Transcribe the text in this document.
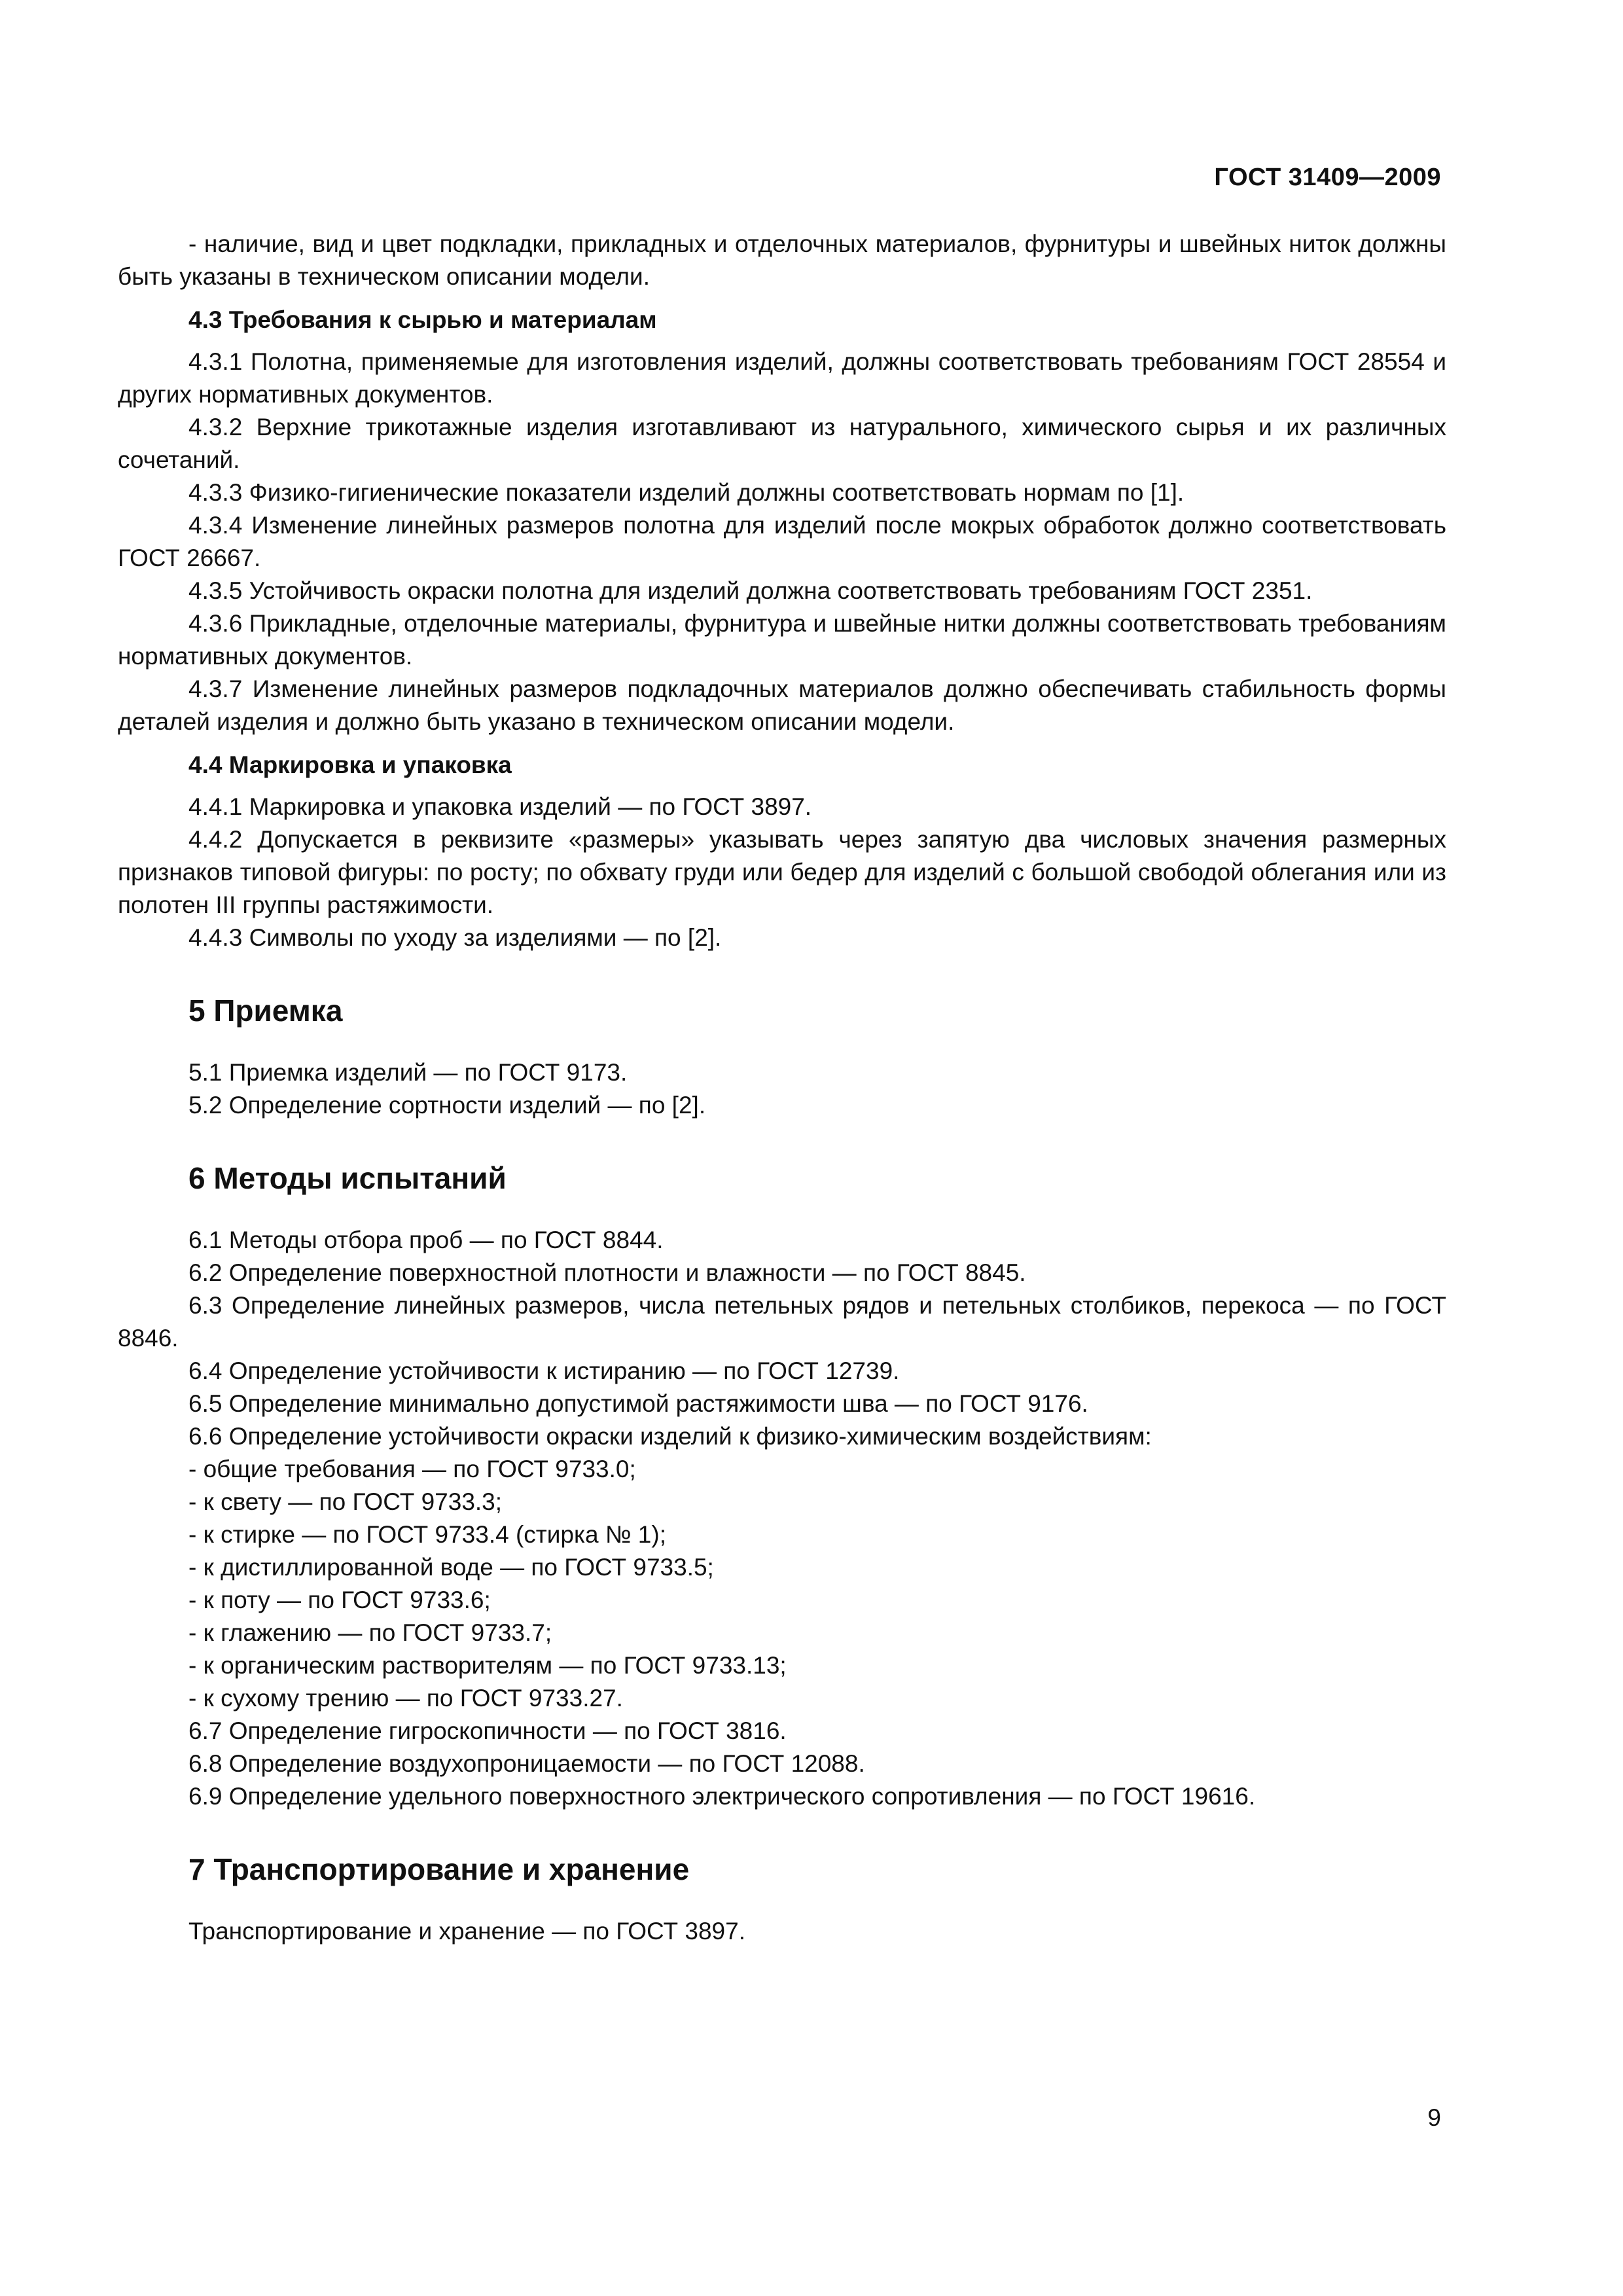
ГОСТ 31409—2009

- наличие, вид и цвет подкладки, прикладных и отделочных материалов, фурнитуры и швейных ниток должны быть указаны в техническом описании модели.

4.3 Требования к сырью и материалам

4.3.1 Полотна, применяемые для изготовления изделий, должны соответствовать требованиям ГОСТ 28554 и других нормативных документов.

4.3.2 Верхние трикотажные изделия изготавливают из натурального, химического сырья и их различных сочетаний.

4.3.3 Физико-гигиенические показатели изделий должны соответствовать нормам по [1].

4.3.4 Изменение линейных размеров полотна для изделий после мокрых обработок должно соответствовать ГОСТ 26667.

4.3.5 Устойчивость окраски полотна для изделий должна соответствовать требованиям ГОСТ 2351.

4.3.6 Прикладные, отделочные материалы, фурнитура и швейные нитки должны соответствовать требованиям нормативных документов.

4.3.7 Изменение линейных размеров подкладочных материалов должно обеспечивать стабильность формы деталей изделия и должно быть указано в техническом описании модели.

4.4 Маркировка и упаковка

4.4.1 Маркировка и упаковка изделий — по ГОСТ 3897.

4.4.2 Допускается в реквизите «размеры» указывать через запятую два числовых значения размерных признаков типовой фигуры: по росту; по обхвату груди или бедер для изделий с большой свободой облегания или из полотен III группы растяжимости.

4.4.3 Символы по уходу за изделиями — по [2].

5 Приемка

5.1 Приемка изделий — по ГОСТ 9173.

5.2 Определение сортности изделий — по [2].

6 Методы испытаний

6.1 Методы отбора проб — по ГОСТ 8844.

6.2 Определение поверхностной плотности и влажности — по ГОСТ 8845.

6.3 Определение линейных размеров, числа петельных рядов и петельных столбиков, перекоса — по ГОСТ 8846.

6.4 Определение устойчивости к истиранию — по ГОСТ 12739.

6.5 Определение минимально допустимой растяжимости шва — по ГОСТ 9176.

6.6 Определение устойчивости окраски изделий к физико-химическим воздействиям:

- общие требования — по ГОСТ 9733.0;

- к свету — по ГОСТ 9733.3;

- к стирке — по ГОСТ 9733.4 (стирка № 1);

- к дистиллированной воде — по ГОСТ 9733.5;

- к поту — по ГОСТ 9733.6;

- к глажению — по ГОСТ 9733.7;

- к органическим растворителям — по ГОСТ 9733.13;

- к сухому трению — по ГОСТ 9733.27.

6.7 Определение гигроскопичности — по ГОСТ 3816.

6.8 Определение воздухопроницаемости — по ГОСТ 12088.

6.9 Определение удельного поверхностного электрического сопротивления — по ГОСТ 19616.

7 Транспортирование и хранение

Транспортирование и хранение — по ГОСТ 3897.

9
